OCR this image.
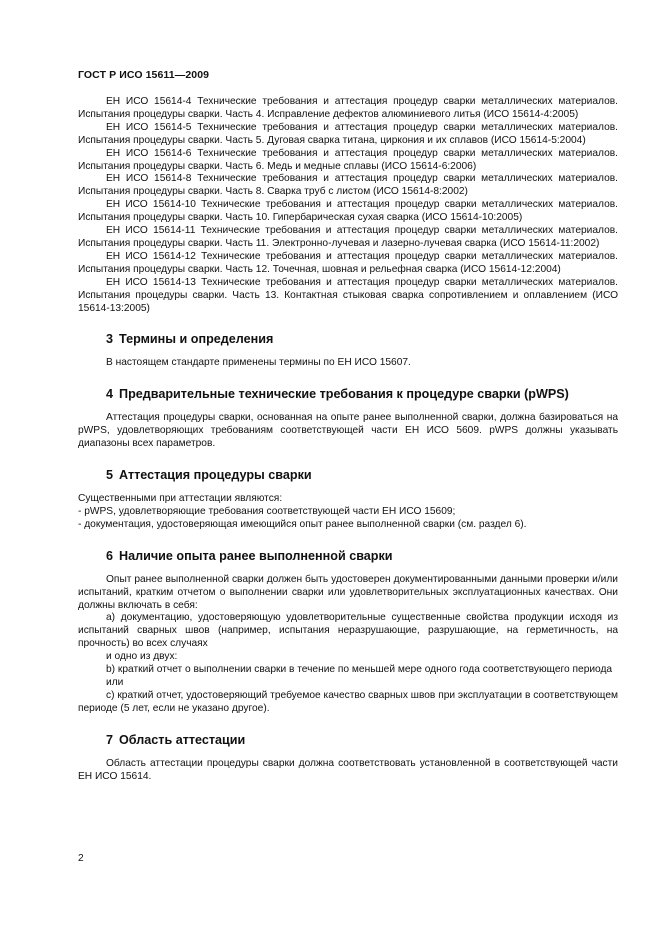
ГОСТ Р ИСО 15611—2009

ЕН ИСО 15614-4 Технические требования и аттестация процедур сварки металлических материалов. Испытания процедуры сварки. Часть 4. Исправление дефектов алюминиевого литья (ИСО 15614-4:2005)

ЕН ИСО 15614-5 Технические требования и аттестация процедур сварки металлических материалов. Испытания процедуры сварки. Часть 5. Дуговая сварка титана, циркония и их сплавов (ИСО 15614-5:2004)

ЕН ИСО 15614-6 Технические требования и аттестация процедур сварки металлических материалов. Испытания процедуры сварки. Часть 6. Медь и медные сплавы (ИСО 15614-6:2006)

ЕН ИСО 15614-8 Технические требования и аттестация процедур сварки металлических материалов. Испытания процедуры сварки. Часть 8. Сварка труб с листом (ИСО 15614-8:2002)

ЕН ИСО 15614-10 Технические требования и аттестация процедур сварки металлических материалов. Испытания процедуры сварки. Часть 10. Гипербарическая сухая сварка (ИСО 15614-10:2005)

ЕН ИСО 15614-11 Технические требования и аттестация процедур сварки металлических материалов. Испытания процедуры сварки. Часть 11. Электронно-лучевая и лазерно-лучевая сварка (ИСО 15614-11:2002)

ЕН ИСО 15614-12 Технические требования и аттестация процедур сварки металлических материалов. Испытания процедуры сварки. Часть 12. Точечная, шовная и рельефная сварка (ИСО 15614-12:2004)

ЕН ИСО 15614-13 Технические требования и аттестация процедур сварки металлических материалов. Испытания процедуры сварки. Часть 13. Контактная стыковая сварка сопротивлением и оплавлением (ИСО 15614-13:2005)

3 Термины и определения

В настоящем стандарте применены термины по ЕН ИСО 15607.

4 Предварительные технические требования к процедуре сварки (pWPS)

Аттестация процедуры сварки, основанная на опыте ранее выполненной сварки, должна базироваться на pWPS, удовлетворяющих требованиям соответствующей части ЕН ИСО 5609. pWPS должны указывать диапазоны всех параметров.

5 Аттестация процедуры сварки

Существенными при аттестации являются:

- pWPS, удовлетворяющие требования соответствующей части ЕН ИСО 15609;

- документация, удостоверяющая имеющийся опыт ранее выполненной сварки (см. раздел 6).

6 Наличие опыта ранее выполненной сварки

Опыт ранее выполненной сварки должен быть удостоверен документированными данными проверки и/или испытаний, кратким отчетом о выполнении сварки или удовлетворительных эксплуатационных качествах. Они должны включать в себя:

а) документацию, удостоверяющую удовлетворительные существенные свойства продукции исходя из испытаний сварных швов (например, испытания неразрушающие, разрушающие, на герметичность, на прочность) во всех случаях

и одно из двух:

b) краткий отчет о выполнении сварки в течение по меньшей мере одного года соответствующего периода

или

с) краткий отчет, удостоверяющий требуемое качество сварных швов при эксплуатации в соответствующем периоде (5 лет, если не указано другое).

7 Область аттестации

Область аттестации процедуры сварки должна соответствовать установленной в соответствующей части ЕН ИСО 15614.

2
